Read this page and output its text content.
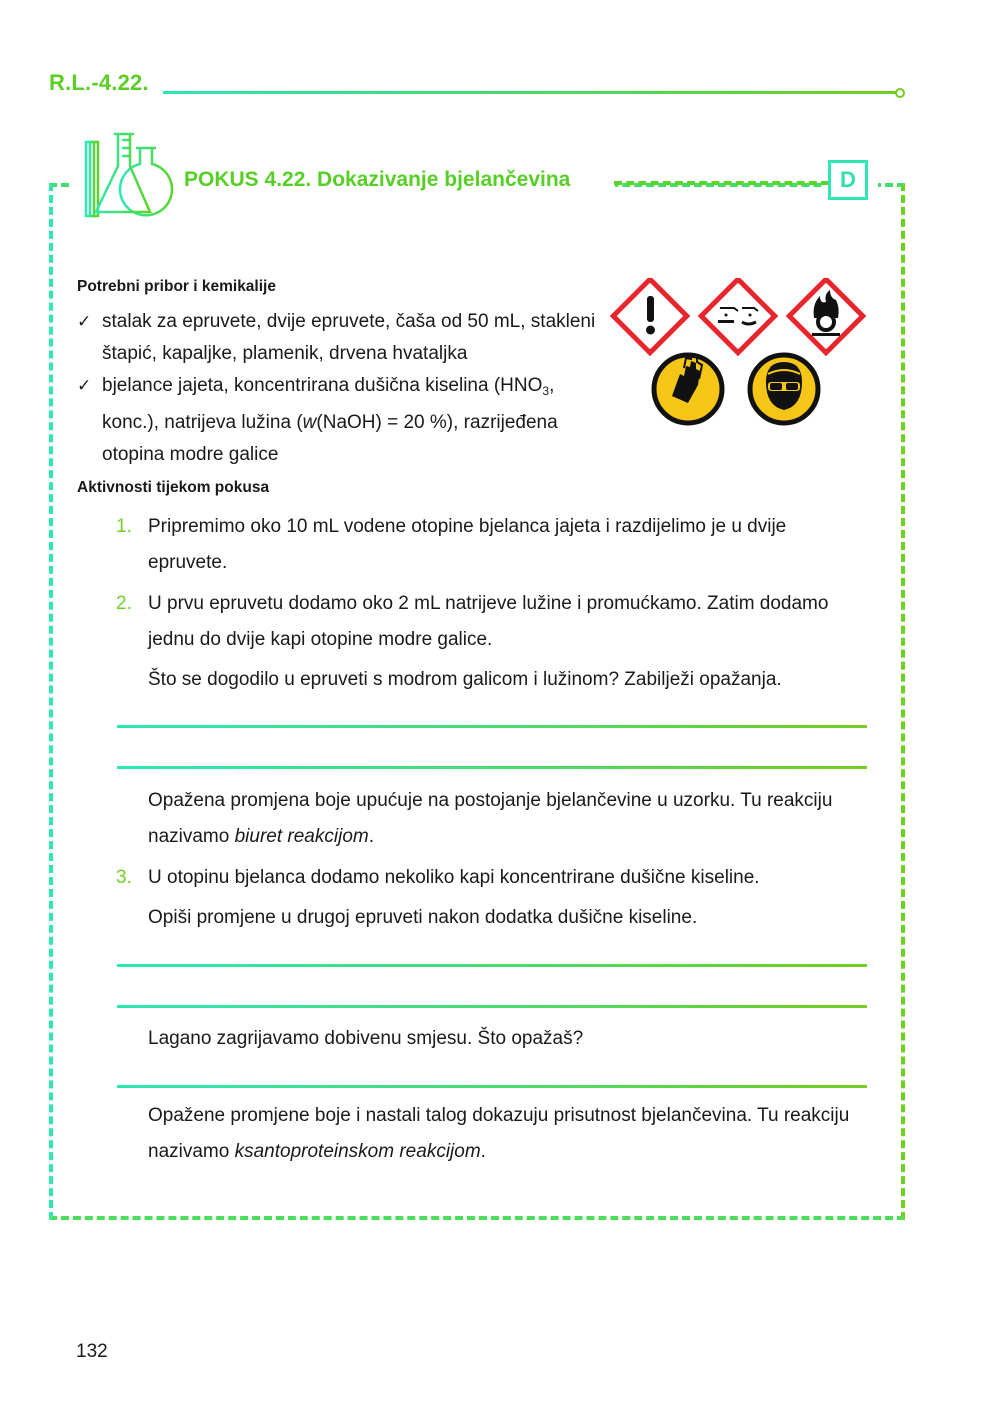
R.L.-4.22.
POKUS 4.22. Dokazivanje bjelančevina	D
Potrebni pribor i kemikalije
✓ stalak za epruvete, dvije epruvete, čaša od 50 mL, stakleni štapić, kapaljke, plamenik, drvena hvataljka
✓ bjelance jajeta, koncentrirana dušična kiselina ($HNO_3$, konc.), natrijeva lužina (w(NaOH) = 20 %), razrijeđena otopina modre galice
Aktivnosti tijekom pokusa
1. Pripremimo oko 10 mL vodene otopine bjelanca jajeta i razdijelimo je u dvije epruvete.
2. U prvu epruvetu dodamo oko 2 mL natrijeve lužine i promućkamo. Zatim dodamo jednu do dvije kapi otopine modre galice.
Što se dogodilo u epruveti s modrom galicom i lužinom? Zabilježi opažanja.
Opažena promjena boje upućuje na postojanje bjelančevine u uzorku. Tu reakciju nazivamo biuret reakcijom.
3. U otopinu bjelanca dodamo nekoliko kapi koncentrirane dušične kiseline.
Opiši promjene u drugoj epruveti nakon dodatka dušične kiseline.
Lagano zagrijavamo dobivenu smjesu. Što opažaš?
Opažene promjene boje i nastali talog dokazuju prisutnost bjelančevina. Tu reakciju nazivamo ksantoproteinskom reakcijom.
132
